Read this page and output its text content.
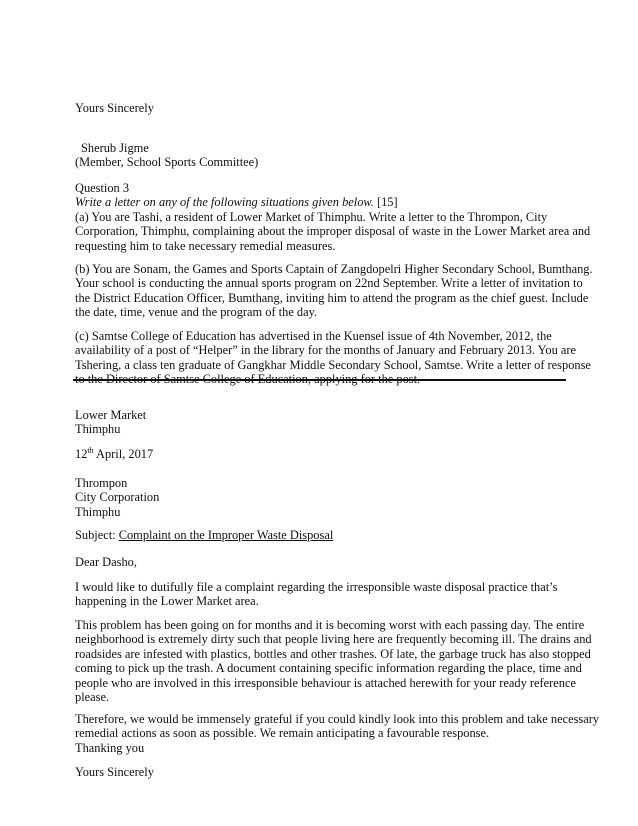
Yours Sincerely
Sherub Jigme
(Member, School Sports Committee)
Question 3
Write a letter on any of the following situations given below. [15]
(a) You are Tashi, a resident of Lower Market of Thimphu. Write a letter to the Thrompon, City
Corporation, Thimphu, complaining about the improper disposal of waste in the Lower Market area and
requesting him to take necessary remedial measures.
(b) You are Sonam, the Games and Sports Captain of Zangdopelri Higher Secondary School, Bumthang.
Your school is conducting the annual sports program on 22nd September. Write a letter of invitation to
the District Education Officer, Bumthang, inviting him to attend the program as the chief guest. Include
the date, time, venue and the program of the day.
(c) Samtse College of Education has advertised in the Kuensel issue of 4th November, 2012, the
availability of a post of “Helper” in the library for the months of January and February 2013. You are
Tshering, a class ten graduate of Gangkhar Middle Secondary School, Samtse. Write a letter of response
to the Director of Samtse College of Education, applying for the post.
Lower Market
Thimphu
12th April, 2017
Thrompon
City Corporation
Thimphu
Subject: Complaint on the Improper Waste Disposal
Dear Dasho,
I would like to dutifully file a complaint regarding the irresponsible waste disposal practice that’s
happening in the Lower Market area.
This problem has been going on for months and it is becoming worst with each passing day. The entire
neighborhood is extremely dirty such that people living here are frequently becoming ill. The drains and
roadsides are infested with plastics, bottles and other trashes. Of late, the garbage truck has also stopped
coming to pick up the trash. A document containing specific information regarding the place, time and
people who are involved in this irresponsible behaviour is attached herewith for your ready reference
please.
Therefore, we would be immensely grateful if you could kindly look into this problem and take necessary
remedial actions as soon as possible. We remain anticipating a favourable response.
Thanking you
Yours Sincerely
